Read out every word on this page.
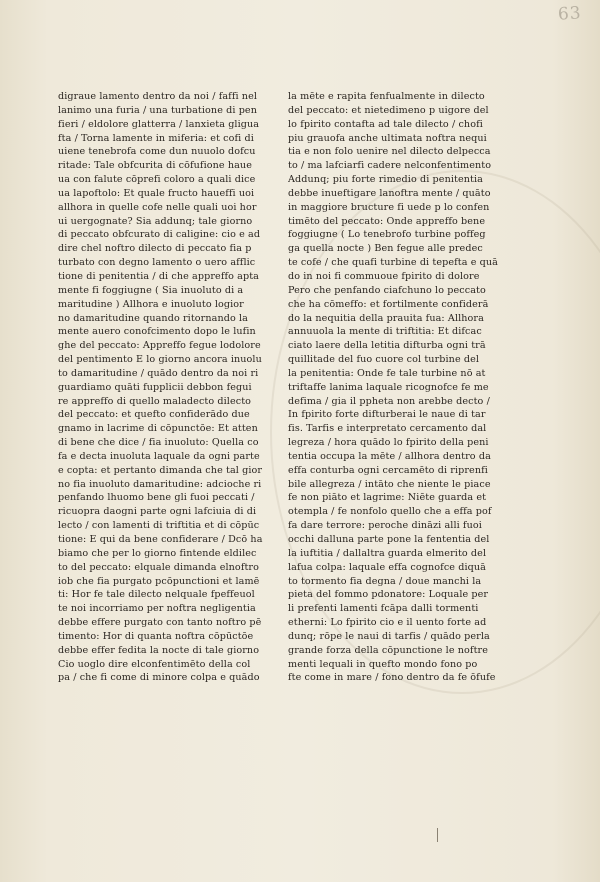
63
digraue lamento dentro da noi / faffi nel
lanimo una furia / una turbatione di pen
fieri / eldolore glatterra / lanxieta gligua
fta / Torna lamente in miferia: et cofi di
uiene tenebrofa come dun nuuolo dofcu
ritade: Tale obfcurita di cōfufione haue
ua con falute cōprefi coloro a quali dice
ua lapoftolo: Et quale fructo haueffi uoi
allhora in quelle cofe nelle quali uoi hor
ui uergognate? Sia addunq; tale giorno
di peccato obfcurato di caligine: cio e ad
dire chel noftro dilecto di peccato fia p
turbato con degno lamento o uero afflic
tione di penitentia / di che appreffo apta
mente fi foggiugne ( Sia inuoluto di a
maritudine ) Allhora e inuoluto logior
no damaritudine quando ritornando la
mente auero conofcimento dopo le lufin
ghe del peccato: Appreffo fegue lodolore
del pentimento E lo giorno ancora inuolu
to damaritudine / quādo dentro da noi ri
guardiamo quāti fupplicii debbon fegui
re appreffo di quello maladecto dilecto
del peccato: et quefto confiderādo due
gnamo in lacrime di cōpunctōe: Et atten
di bene che dice / fia inuoluto: Quella co
fa e decta inuoluta laquale da ogni parte
e copta: et pertanto dimanda che tal gior
no fia inuoluto damaritudine: adcioche ri
penfando lhuomo bene gli fuoi peccati /
ricuopra daogni parte ogni lafciuia di di
lecto / con lamenti di triftitia et di cōpūc
tione: E qui da bene confiderare / Dcō ha
biamo che per lo giorno fintende eldilec
to del peccato: elquale dimanda elnoftro
iob che fia purgato pcōpunctioni et lamē
ti: Hor fe tale dilecto nelquale fpeffeuol
te noi incorriamo per noftra negligentia
debbe effere purgato con tanto noftro pē
timento: Hor di quanta noftra cōpūctōe
debbe effer fedita la nocte di tale giorno
Cio uoglo dire elconfentimēto della col
pa / che fi come di minore colpa e quādo
la mēte e rapita fenfualmente in dilecto
del peccato: et nietedimeno p uigore del
lo fpirito contafta ad tale dilecto / chofi
piu grauofa anche ultimata noftra nequi
tia e non folo uenire nel dilecto delpecca
to / ma lafciarfi cadere nelconfentimento
Addunq; piu forte rimedio di penitentia
debbe inueftigare lanoftra mente / quāto
in maggiore bructure fi uede p lo confen
timēto del peccato: Onde appreffo bene
foggiugne ( Lo tenebrofo turbine poffeg
ga quella nocte ) Ben fegue alle predec
te cofe / che quafi turbine di tepefta e quā
do in noi fi commuoue fpirito di dolore
Pero che penfando ciafchuno lo peccato
che ha cōmeffo: et fortilmente confiderā
do la nequitia della prauita fua: Allhora
annuuola la mente di triftitia: Et difcac
ciato laere della letitia difturba ogni trā
quillitade del fuo cuore col turbine del
la penitentia: Onde fe tale turbine nō at
triftaffe lanima laquale ricognofce fe me
defima / gia il ppheta non arebbe decto /
In fpirito forte difturberai le naue di tar
fis. Tarfis e interpretato cercamento dal
legreza / hora quādo lo fpirito della peni
tentia occupa la mēte / allhora dentro da
effa conturba ogni cercamēto di riprenfi
bile allegreza / intāto che niente le piace
fe non piāto et lagrime: Niēte guarda et
otempla / fe nonfolo quello che a effa pof
fa dare terrore: peroche dināzi alli fuoi
occhi dalluna parte pone la fententia del
la iuftitia / dallaltra guarda elmerito del
lafua colpa: laquale effa cognofce diquā
to tormento fia degna / doue manchi la
pieta del fommo pdonatore: Loquale per
li prefenti lamenti fcāpa dalli tormenti
etherni: Lo fpirito cio e il uento forte ad
dunq; rōpe le naui di tarfis / quādo perla
grande forza della cōpunctione le noftre
menti lequali in quefto mondo fono po
fte come in mare / fono dentro da fe ōfufe
